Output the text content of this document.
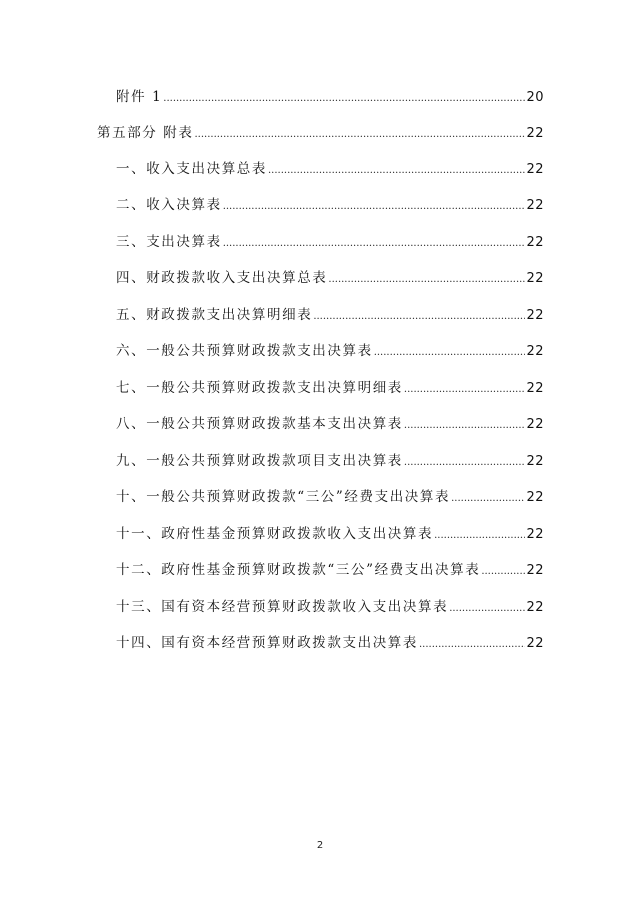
附件 1 .....	20
第五部分 附表 .....	22
一、收入支出决算总表 .....	22
二、收入决算表 .....	22
三、支出决算表 .....	22
四、财政拨款收入支出决算总表 .....	22
五、财政拨款支出决算明细表 .....	22
六、一般公共预算财政拨款支出决算表 .....	22
七、一般公共预算财政拨款支出决算明细表 .....	22
八、一般公共预算财政拨款基本支出决算表 .....	22
九、一般公共预算财政拨款项目支出决算表 .....	22
十、一般公共预算财政拨款“三公”经费支出决算表 .....	22
十一、政府性基金预算财政拨款收入支出决算表 .....	22
十二、政府性基金预算财政拨款“三公”经费支出决算表 .....	22
十三、国有资本经营预算财政拨款收入支出决算表 .....	22
十四、国有资本经营预算财政拨款支出决算表 .....	22
2
